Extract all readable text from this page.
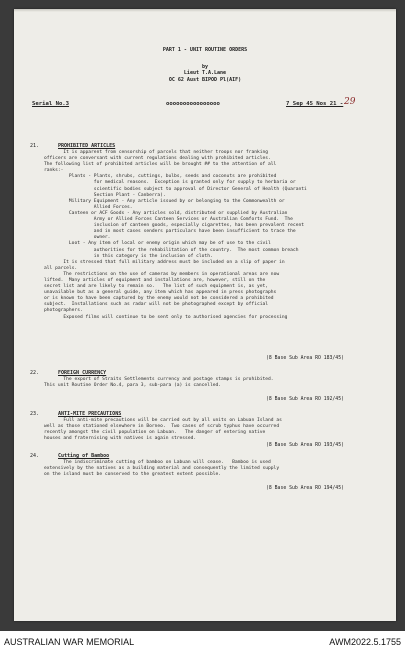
PART 1 - UNIT ROUTINE ORDERS
by
Lieut T.A.Lane
OC 62 Aust BIPOD Pl(AIF)
Serial No.3	oooooooooooooooo	7 Sep 45 Nos 21 - 29
21.	PROHIBITED ARTICLES
It is apparent from censorship of parcels that neither troops nor franking
officers are conversant with current regulations dealing with prohibited articles.
The following list of prohibited articles will be brought ## to the attention of all
ranks:-
Plants - Plants, shrubs, cuttings, bulbs, seeds and coconuts are prohibited
for medical reasons.  Exception is granted only for supply to herbaria or
scientific bodies subject to approval of Director General of Health (Quaranti
Section Plant - Canberra).
Military Equipment - Any article issued by or belonging to the Commonwealth or
Allied Forces.
Canteen or ACF Goods - Any articles sold, distributed or supplied by Australian
Army or Allied Forces Canteen Services or Australian Comforts Fund.  The
inclusion of canteen goods, especially cigarettes, has been prevalent recent
and in most cases senders particulars have been insufficient to trace the
owner.
Loot - Any item of local or enemy origin which may be of use to the civil
authorities for the rehabilitation of the country.  The most common breach
in this category is the inclusion of cloth.
It is stressed that full military address must be included on a slip of paper in
all parcels.
The restrictions on the use of cameras by members in operational areas are now
lifted.  Many articles of equipment and installations are, however, still on the
secret list and are likely to remain so.   The list of such equipment is, as yet,
unavailable but as a general guide, any item which has appeared in press photographs
or is known to have been captured by the enemy would not be considered a prohibited
subject.  Installations such as radar will not be photographed except by official
photographers.
Exposed films will continue to be sent only to authorised agencies for processing
(8 Base Sub Area RO 183/45)
22.	FOREIGN CURRENCY
The export of Straits Settlements currency and postage stamps is prohibited.
This unit Routine Order No.4, para 3, sub-para (a) is cancelled.
(8 Base Sub Area RO 192/45)
23.	ANTI-MITE PRECAUTIONS
Full anti-mite precautions will be carried out by all units on Labuan Island as
well as those stationed elsewhere in Borneo.  Two cases of scrub typhus have occurred
recently amongst the civil population on Labuan.   The danger of entering native
houses and fraternising with natives is again stressed.
(8 Base Sub Area RO 193/45)
24.	Cutting of Bamboo
The indiscriminate cutting of bamboo on Labuan will cease.   Bamboo is used
extensively by the natives as a building material and consequently the limited supply
on the island must be conserved to the greatest extent possible.
(8 Base Sub Area RO 194/45)
AUSTRALIAN WAR MEMORIAL	AWM2022.5.1755
